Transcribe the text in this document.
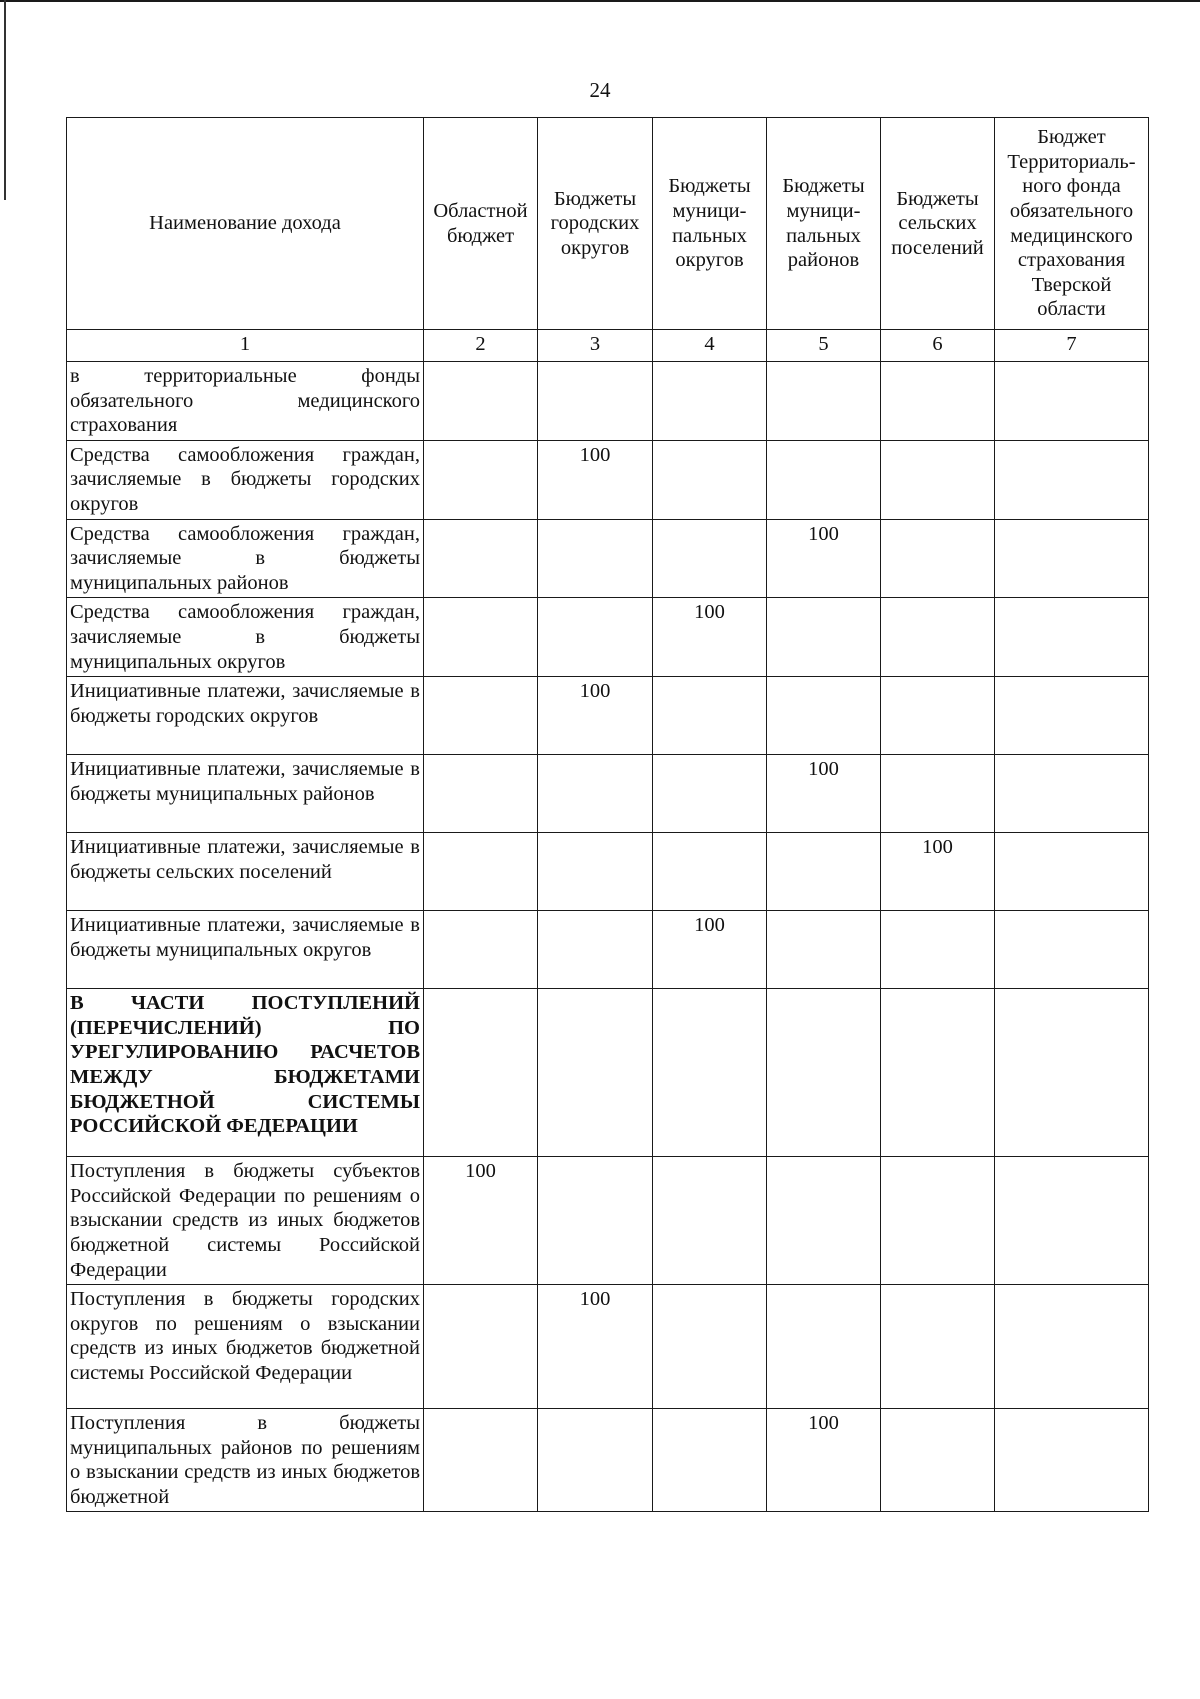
24
Наименование дохода	Областной бюджет	Бюджеты городских округов	Бюджеты муници-пальных округов	Бюджеты муници-пальных районов	Бюджеты сельских поселений	Бюджет Территориаль-ного фонда обязательного медицинского страхования Тверской области
1	2	3	4	5	6	7
в территориальные фонды обязательного медицинского страхования						
Средства самообложения граждан, зачисляемые в бюджеты городских округов		100				
Средства самообложения граждан, зачисляемые в бюджеты муниципальных районов				100		
Средства самообложения граждан, зачисляемые в бюджеты муниципальных округов			100			
Инициативные платежи, зачисляемые в бюджеты городских округов		100				
Инициативные платежи, зачисляемые в бюджеты муниципальных районов				100		
Инициативные платежи, зачисляемые в бюджеты сельских поселений					100	
Инициативные платежи, зачисляемые в бюджеты муниципальных округов			100			
В ЧАСТИ ПОСТУПЛЕНИЙ (ПЕРЕЧИСЛЕНИЙ) ПО УРЕГУЛИРОВАНИЮ РАСЧЕТОВ МЕЖДУ БЮДЖЕТАМИ БЮДЖЕТНОЙ СИСТЕМЫ РОССИЙСКОЙ ФЕДЕРАЦИИ						
Поступления в бюджеты субъектов Российской Федерации по решениям о взыскании средств из иных бюджетов бюджетной системы Российской Федерации	100					
Поступления в бюджеты городских округов по решениям о взыскании средств из иных бюджетов бюджетной системы Российской Федерации		100				
Поступления в бюджеты муниципальных районов по решениям о взыскании средств из иных бюджетов бюджетной				100		
